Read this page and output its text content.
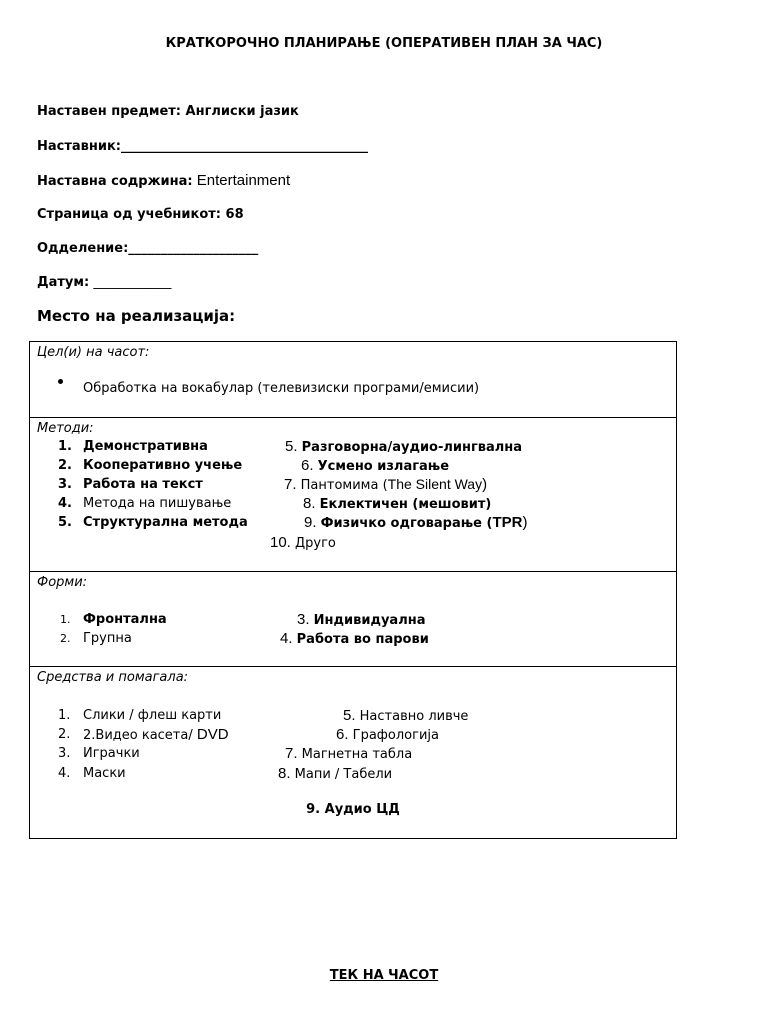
КРАТКОРОЧНО ПЛАНИРАЊЕ (ОПЕРАТИВЕН ПЛАН ЗА ЧАС)
Наставен предмет: Англиски јазик
Наставник:______________________________________
Наставна содржина: Entertainment
Страница од учебникот: 68
Одделение:____________________
Датум: ____________
Место на реализација:
Цел(и) на часот:
Обработка на вокабулар (телевизиски програми/емисии)
Методи:
1. Демонстративна
2. Кооперативно учење
3. Работа на текст
4. Метода на пишување
5. Структурална метода
5. Разговорна/аудио-лингвална
6. Усмено излагање
7. Пантомима (The Silent Way)
8. Еклектичен (мешовит)
9. Физичко одговарање (TPR)
10. Друго
Форми:
1. Фронтална
2. Групна
3. Индивидуална
4. Работа во парови
Средства и помагала:
1. Слики / флеш карти
2. 2.Видео касета/ DVD
3. Играчки
4. Маски
5. Наставно ливче
6. Графологија
7. Магнетна табла
8. Мапи / Табели
9. Аудио ЦД
ТЕК НА ЧАСОТ
